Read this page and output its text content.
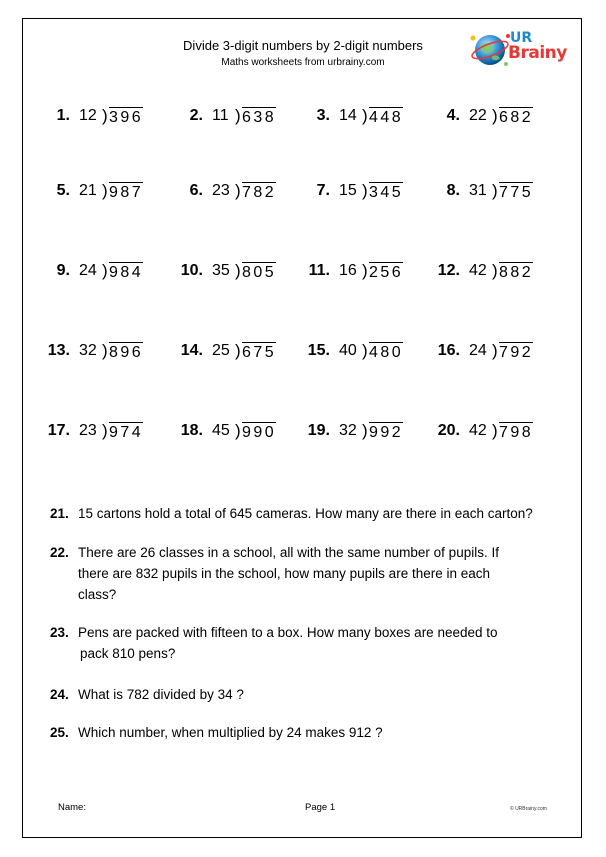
Divide 3-digit numbers by 2-digit numbers
Maths worksheets from urbrainy.com
UR
Brainy
1. 12 ) 396	2. 11 ) 638	3. 14 ) 448	4. 22 ) 682
5. 21 ) 987	6. 23 ) 782	7. 15 ) 345	8. 31 ) 775
9. 24 ) 984	10. 35 ) 805	11. 16 ) 256	12. 42 ) 882
13. 32 ) 896	14. 25 ) 675	15. 40 ) 480	16. 24 ) 792
17. 23 ) 974	18. 45 ) 990	19. 32 ) 992	20. 42 ) 798
21. 15 cartons hold a total of 645 cameras. How many are there in each carton?
22. There are 26 classes in a school, all with the same number of pupils. If
there are 832 pupils in the school, how many pupils are there in each
class?
23. Pens are packed with fifteen to a box. How many boxes are needed to
pack 810 pens?
24. What is 782 divided by 34 ?
25. Which number, when multiplied by 24 makes 912 ?
Name:	Page 1	© URBrainy.com
